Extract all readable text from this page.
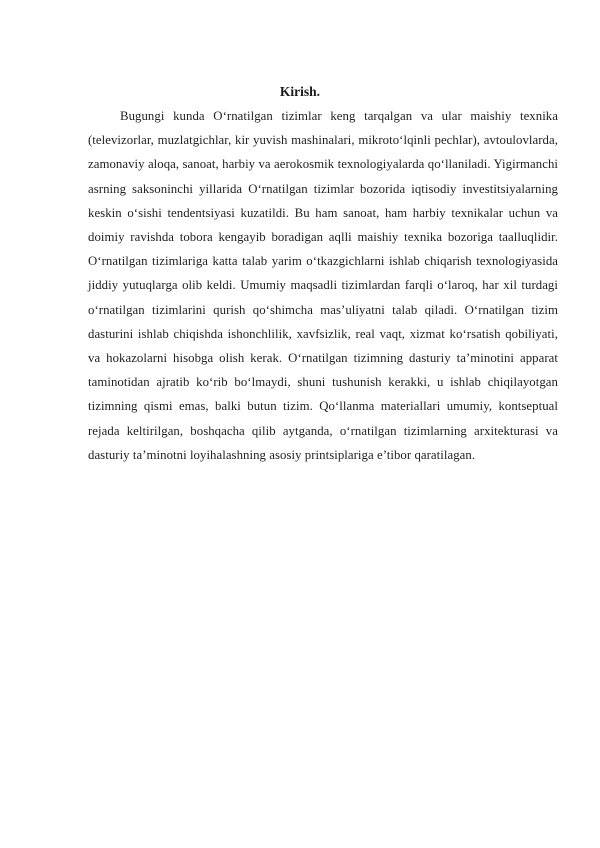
Kirish.

Bugungi kunda O‘rnatilgan tizimlar keng tarqalgan va ular maishiy texnika (televizorlar, muzlatgichlar, kir yuvish mashinalari, mikroto‘lqinli pechlar), avtoulovlarda, zamonaviy aloqa, sanoat, harbiy va aerokosmik texnologiyalarda qo‘llaniladi. Yigirmanchi asrning saksoninchi yillarida O‘rnatilgan tizimlar bozorida iqtisodiy investitsiyalarning keskin o‘sishi tendentsiyasi kuzatildi. Bu ham sanoat, ham harbiy texnikalar uchun va doimiy ravishda tobora kengayib boradigan aqlli maishiy texnika bozoriga taalluqlidir. O‘rnatilgan tizimlariga katta talab yarim o‘tkazgichlarni ishlab chiqarish texnologiyasida jiddiy yutuqlarga olib keldi. Umumiy maqsadli tizimlardan farqli o‘laroq, har xil turdagi o‘rnatilgan tizimlarini qurish qo‘shimcha mas’uliyatni talab qiladi. O‘rnatilgan tizim dasturini ishlab chiqishda ishonchlilik, xavfsizlik, real vaqt, xizmat ko‘rsatish qobiliyati, va hokazolarni hisobga olish kerak. O‘rnatilgan tizimning dasturiy ta’minotini apparat taminotidan ajratib ko‘rib bo‘lmaydi, shuni tushunish kerakki, u ishlab chiqilayotgan tizimning qismi emas, balki butun tizim. Qo‘llanma materiallari umumiy, kontseptual rejada keltirilgan, boshqacha qilib aytganda, o‘rnatilgan tizimlarning arxitekturasi va dasturiy ta’minotni loyihalashning asosiy printsiplariga e’tibor qaratilagan.
